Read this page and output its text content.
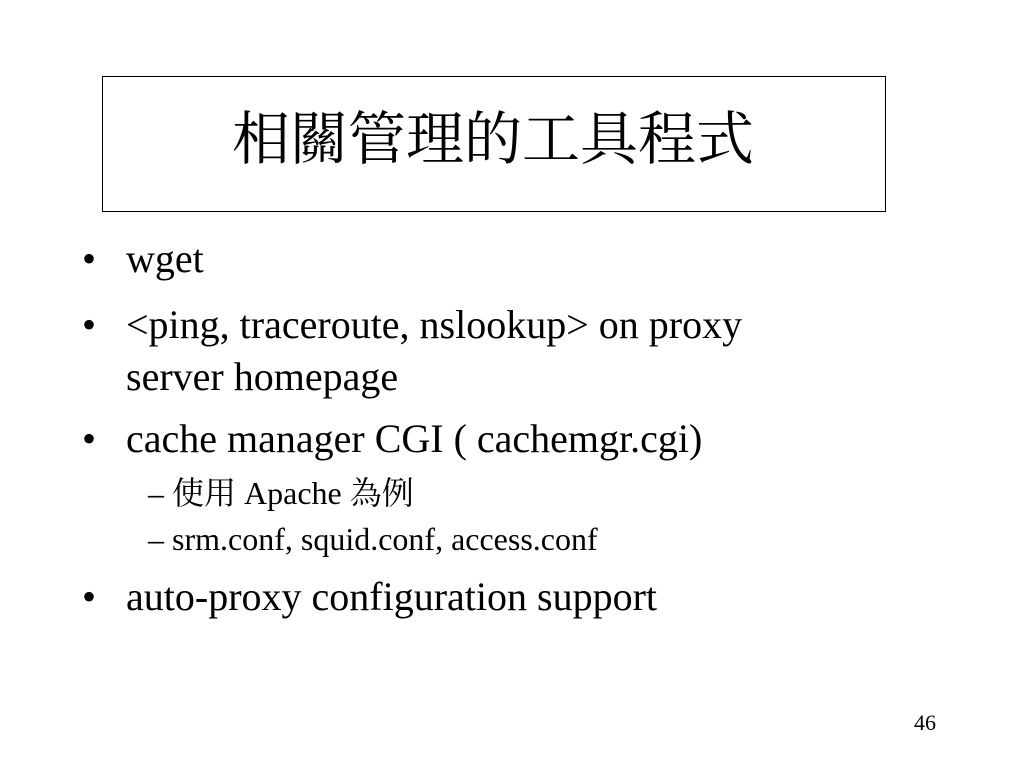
相關管理的工具程式
• wget
• <ping, traceroute, nslookup> on proxy
server homepage
• cache manager CGI ( cachemgr.cgi)
– 使用 Apache 為例
– srm.conf, squid.conf, access.conf
• auto-proxy configuration support
46
